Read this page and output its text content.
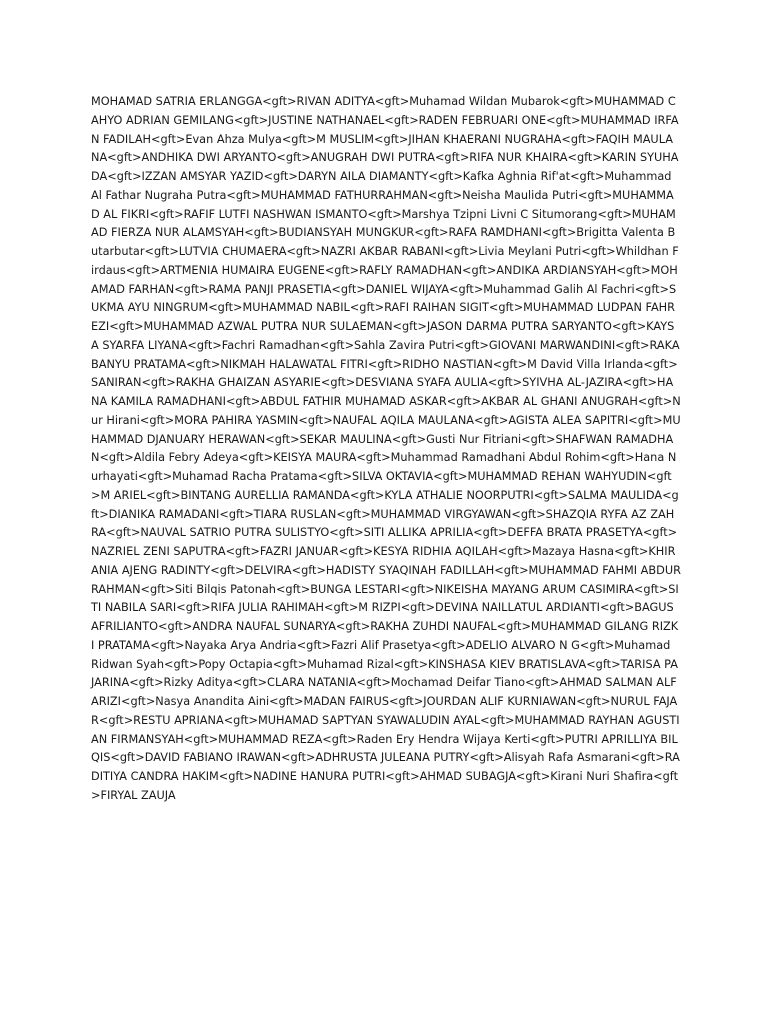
MOHAMAD SATRIA ERLANGGA<gft>RIVAN ADITYA<gft>Muhamad Wildan Mubarok<gft>MUHAMMAD CAHYO ADRIAN GEMILANG<gft>JUSTINE NATHANAEL<gft>RADEN FEBRUARI ONE<gft>MUHAMMAD IRFAN FADILAH<gft>Evan Ahza Mulya<gft>M MUSLIM<gft>JIHAN KHAERANI NUGRAHA<gft>FAQIH MAULANA<gft>ANDHIKA DWI ARYANTO<gft>ANUGRAH DWI PUTRA<gft>RIFA NUR KHAIRA<gft>KARIN SYUHADA<gft>IZZAN AMSYAR YAZID<gft>DARYN AILA DIAMANTY<gft>Kafka Aghnia Rif'at<gft>Muhammad Al Fathar Nugraha Putra<gft>MUHAMMAD FATHURRAHMAN<gft>Neisha Maulida Putri<gft>MUHAMMAD AL FIKRI<gft>RAFIF LUTFI NASHWAN ISMANTO<gft>Marshya Tzipni Livni C Situmorang<gft>MUHAMAD FIERZA NUR ALAMSYAH<gft>BUDIANSYAH MUNGKUR<gft>RAFA RAMDHANI<gft>Brigitta Valenta Butarbutar<gft>LUTVIA CHUMAERA<gft>NAZRI AKBAR RABANI<gft>Livia Meylani Putri<gft>Whildhan Firdaus<gft>ARTMENIA HUMAIRA EUGENE<gft>RAFLY RAMADHAN<gft>ANDIKA ARDIANSYAH<gft>MOHAMAD FARHAN<gft>RAMA PANJI PRASETIA<gft>DANIEL WIJAYA<gft>Muhammad Galih Al Fachri<gft>SUKMA AYU NINGRUM<gft>MUHAMMAD NABIL<gft>RAFI RAIHAN SIGIT<gft>MUHAMMAD LUDPAN FAHREZI<gft>MUHAMMAD AZWAL PUTRA NUR SULAEMAN<gft>JASON DARMA PUTRA SARYANTO<gft>KAYSA SYARFA LIYANA<gft>Fachri Ramadhan<gft>Sahla Zavira Putri<gft>GIOVANI MARWANDINI<gft>RAKA BANYU PRATAMA<gft>NIKMAH HALAWATAL FITRI<gft>RIDHO NASTIAN<gft>M David Villa Irlanda<gft>SANIRAN<gft>RAKHA GHAIZAN ASYARIE<gft>DESVIANA SYAFA AULIA<gft>SYIVHA AL-JAZIRA<gft>HANA KAMILA RAMADHANI<gft>ABDUL FATHIR MUHAMAD ASKAR<gft>AKBAR AL GHANI ANUGRAH<gft>Nur Hirani<gft>MORA PAHIRA YASMIN<gft>NAUFAL AQILA MAULANA<gft>AGISTA ALEA SAPITRI<gft>MUHAMMAD DJANUARY HERAWAN<gft>SEKAR MAULINA<gft>Gusti Nur Fitriani<gft>SHAFWAN RAMADHAN<gft>Aldila Febry Adeya<gft>KEISYA MAURA<gft>Muhammad Ramadhani Abdul Rohim<gft>Hana Nurhayati<gft>Muhamad Racha Pratama<gft>SILVA OKTAVIA<gft>MUHAMMAD REHAN WAHYUDIN<gft>M ARIEL<gft>BINTANG AURELLIA RAMANDA<gft>KYLA ATHALIE NOORPUTRI<gft>SALMA MAULIDA<gft>DIANIKA RAMADANI<gft>TIARA RUSLAN<gft>MUHAMMAD VIRGYAWAN<gft>SHAZQIA RYFA AZ ZAHRA<gft>NAUVAL SATRIO PUTRA SULISTYO<gft>SITI ALLIKA APRILIA<gft>DEFFA BRATA PRASETYA<gft>NAZRIEL ZENI SAPUTRA<gft>FAZRI JANUAR<gft>KESYA RIDHIA AQILAH<gft>Mazaya Hasna<gft>KHIRANIA AJENG RADINTY<gft>DELVIRA<gft>HADISTY SYAQINAH FADILLAH<gft>MUHAMMAD FAHMI ABDURRAHMAN<gft>Siti Bilqis Patonah<gft>BUNGA LESTARI<gft>NIKEISHA MAYANG ARUM CASIMIRA<gft>SITI NABILA SARI<gft>RIFA JULIA RAHIMAH<gft>M RIZPI<gft>DEVINA NAILLATUL ARDIANTI<gft>BAGUS AFRILIANTO<gft>ANDRA NAUFAL SUNARYA<gft>RAKHA ZUHDI NAUFAL<gft>MUHAMMAD GILANG RIZKI PRATAMA<gft>Nayaka Arya Andria<gft>Fazri Alif Prasetya<gft>ADELIO ALVARO N G<gft>Muhamad Ridwan Syah<gft>Popy Octapia<gft>Muhamad Rizal<gft>KINSHASA KIEV BRATISLAVA<gft>TARISA PAJARINA<gft>Rizky Aditya<gft>CLARA NATANIA<gft>Mochamad Deifar Tiano<gft>AHMAD SALMAN ALFARIZI<gft>Nasya Anandita Aini<gft>MADAN FAIRUS<gft>JOURDAN ALIF KURNIAWAN<gft>NURUL FAJAR<gft>RESTU APRIANA<gft>MUHAMAD SAPTYAN SYAWALUDIN AYAL<gft>MUHAMMAD RAYHAN AGUSTIAN FIRMANSYAH<gft>MUHAMMAD REZA<gft>Raden Ery Hendra Wijaya Kerti<gft>PUTRI APRILLIYA BILQIS<gft>DAVID FABIANO IRAWAN<gft>ADHRUSTA JULEANA PUTRY<gft>Alisyah Rafa Asmarani<gft>RADITIYA CANDRA HAKIM<gft>NADINE HANURA PUTRI<gft>AHMAD SUBAGJA<gft>Kirani Nuri Shafira<gft>FIRYAL ZAUJA
